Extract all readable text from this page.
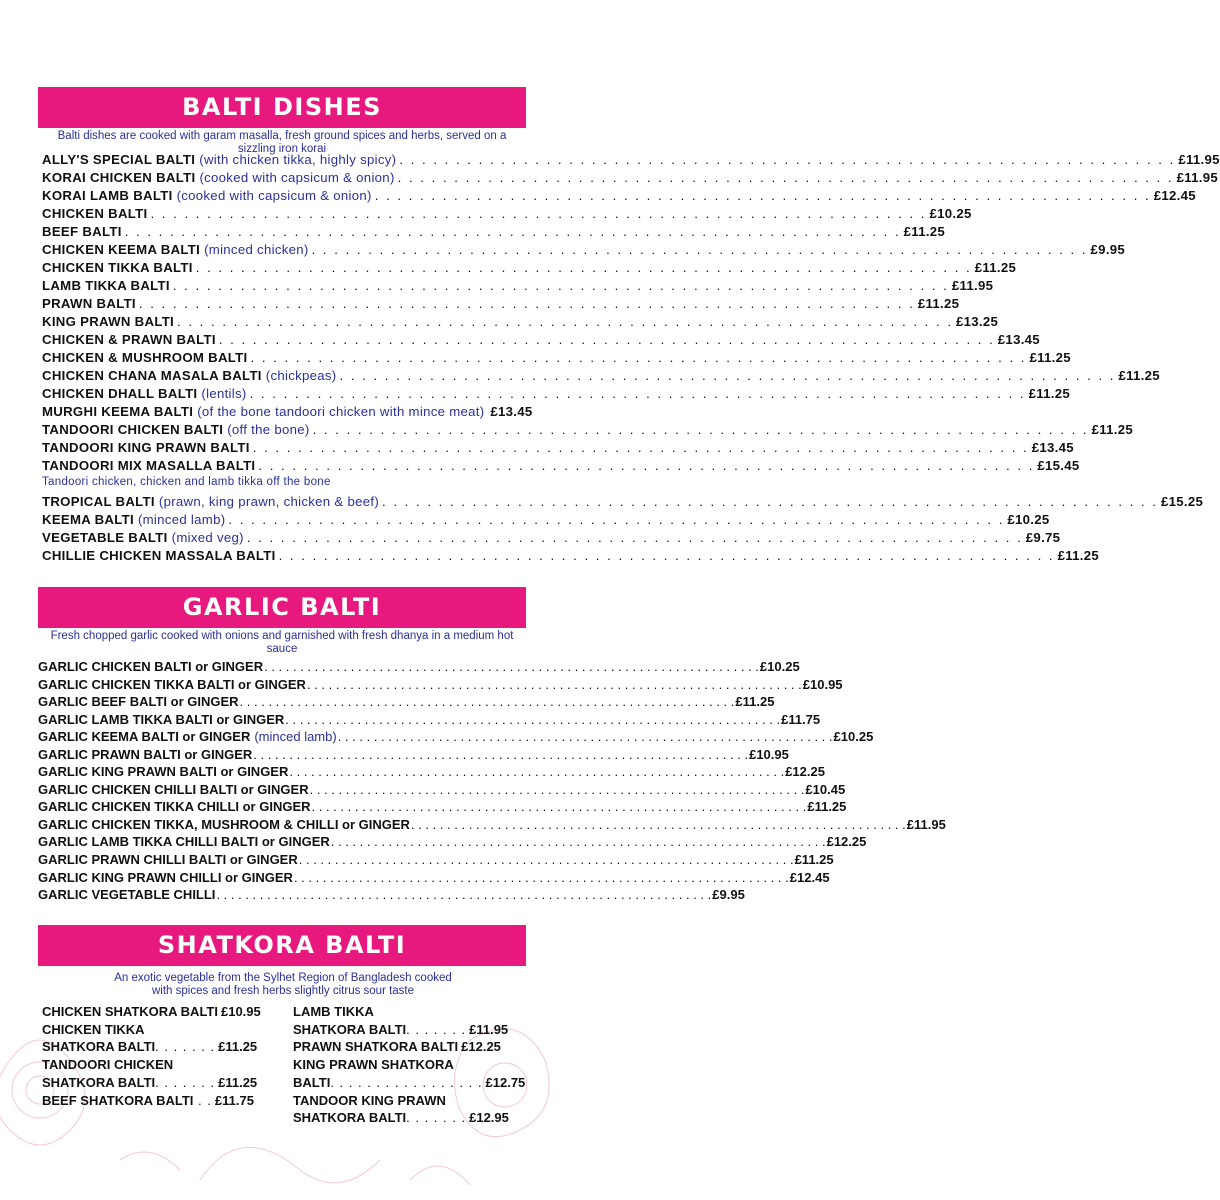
BALTI DISHES
Balti dishes are cooked with garam masalla, fresh ground spices and herbs, served on a sizzling iron korai
ALLY'S SPECIAL BALTI (with chicken tikka, highly spicy) . . . . . . . . . . . . . . . . . . . . . . . . . . . . . . . . . . . . . . . . . . . . . . . . . . . . . . . . . . . . . . . . . . . . . £11.95
KORAI CHICKEN BALTI (cooked with capsicum & onion) . . . . . . . . . . . . . . . . . . . . . . . . . . . . . . . . . . . . . . . . . . . . . . . . . . . . . . . . . . . . . . . . . . . . . £11.95
KORAI LAMB BALTI (cooked with capsicum & onion) . . . . . . . . . . . . . . . . . . . . . . . . . . . . . . . . . . . . . . . . . . . . . . . . . . . . . . . . . . . . . . . . . . . . . £12.45
CHICKEN BALTI . . . . . . . . . . . . . . . . . . . . . . . . . . . . . . . . . . . . . . . . . . . . . . . . . . . . . . . . . . . . . . . . . . . . . £10.25
BEEF BALTI . . . . . . . . . . . . . . . . . . . . . . . . . . . . . . . . . . . . . . . . . . . . . . . . . . . . . . . . . . . . . . . . . . . . . £11.25
CHICKEN KEEMA BALTI (minced chicken) . . . . . . . . . . . . . . . . . . . . . . . . . . . . . . . . . . . . . . . . . . . . . . . . . . . . . . . . . . . . . . . . . . . . . £9.95
CHICKEN TIKKA BALTI . . . . . . . . . . . . . . . . . . . . . . . . . . . . . . . . . . . . . . . . . . . . . . . . . . . . . . . . . . . . . . . . . . . . . £11.25
LAMB TIKKA BALTI . . . . . . . . . . . . . . . . . . . . . . . . . . . . . . . . . . . . . . . . . . . . . . . . . . . . . . . . . . . . . . . . . . . . . £11.95
PRAWN BALTI . . . . . . . . . . . . . . . . . . . . . . . . . . . . . . . . . . . . . . . . . . . . . . . . . . . . . . . . . . . . . . . . . . . . . £11.25
KING PRAWN BALTI . . . . . . . . . . . . . . . . . . . . . . . . . . . . . . . . . . . . . . . . . . . . . . . . . . . . . . . . . . . . . . . . . . . . . £13.25
CHICKEN & PRAWN BALTI . . . . . . . . . . . . . . . . . . . . . . . . . . . . . . . . . . . . . . . . . . . . . . . . . . . . . . . . . . . . . . . . . . . . . £13.45
CHICKEN & MUSHROOM BALTI . . . . . . . . . . . . . . . . . . . . . . . . . . . . . . . . . . . . . . . . . . . . . . . . . . . . . . . . . . . . . . . . . . . . . £11.25
CHICKEN CHANA MASALA BALTI (chickpeas) . . . . . . . . . . . . . . . . . . . . . . . . . . . . . . . . . . . . . . . . . . . . . . . . . . . . . . . . . . . . . . . . . . . . . £11.25
CHICKEN DHALL BALTI (lentils) . . . . . . . . . . . . . . . . . . . . . . . . . . . . . . . . . . . . . . . . . . . . . . . . . . . . . . . . . . . . . . . . . . . . . £11.25
MURGHI KEEMA BALTI (of the bone tandoori chicken with mince meat) £13.45
TANDOORI CHICKEN BALTI (off the bone) . . . . . . . . . . . . . . . . . . . . . . . . . . . . . . . . . . . . . . . . . . . . . . . . . . . . . . . . . . . . . . . . . . . . . £11.25
TANDOORI KING PRAWN BALTI . . . . . . . . . . . . . . . . . . . . . . . . . . . . . . . . . . . . . . . . . . . . . . . . . . . . . . . . . . . . . . . . . . . . . £13.45
TANDOORI MIX MASALLA BALTI . . . . . . . . . . . . . . . . . . . . . . . . . . . . . . . . . . . . . . . . . . . . . . . . . . . . . . . . . . . . . . . . . . . . . £15.45
Tandoori chicken, chicken and lamb tikka off the bone
TROPICAL BALTI (prawn, king prawn, chicken & beef) . . . . . . . . . . . . . . . . . . . . . . . . . . . . . . . . . . . . . . . . . . . . . . . . . . . . . . . . . . . . . . . . . . . . . £15.25
KEEMA BALTI (minced lamb) . . . . . . . . . . . . . . . . . . . . . . . . . . . . . . . . . . . . . . . . . . . . . . . . . . . . . . . . . . . . . . . . . . . . . £10.25
VEGETABLE BALTI (mixed veg) . . . . . . . . . . . . . . . . . . . . . . . . . . . . . . . . . . . . . . . . . . . . . . . . . . . . . . . . . . . . . . . . . . . . . £9.75
CHILLIE CHICKEN MASSALA BALTI . . . . . . . . . . . . . . . . . . . . . . . . . . . . . . . . . . . . . . . . . . . . . . . . . . . . . . . . . . . . . . . . . . . . . £11.25
GARLIC BALTI
Fresh chopped garlic cooked with onions and garnished with fresh dhanya in a medium hot sauce
GARLIC CHICKEN BALTI or GINGER . . . . . . . . . . . . . . . . . . . . . . . . . . . . . . . . . . . . . . . . . . . . . . . . . . . . . . . . . . . . . . . . . . . . . £10.25
GARLIC CHICKEN TIKKA BALTI or GINGER . . . . . . . . . . . . . . . . . . . . . . . . . . . . . . . . . . . . . . . . . . . . . . . . . . . . . . . . . . . . . . . . . . . . . £10.95
GARLIC BEEF BALTI or GINGER . . . . . . . . . . . . . . . . . . . . . . . . . . . . . . . . . . . . . . . . . . . . . . . . . . . . . . . . . . . . . . . . . . . . . £11.25
GARLIC LAMB TIKKA BALTI or GINGER . . . . . . . . . . . . . . . . . . . . . . . . . . . . . . . . . . . . . . . . . . . . . . . . . . . . . . . . . . . . . . . . . . . . . £11.75
GARLIC KEEMA BALTI or GINGER (minced lamb) . . . . . . . . . . . . . . . . . . . . . . . . . . . . . . . . . . . . . . . . . . . . . . . . . . . . . . . . . . . . . . . . . . . . . £10.25
GARLIC PRAWN BALTI or GINGER . . . . . . . . . . . . . . . . . . . . . . . . . . . . . . . . . . . . . . . . . . . . . . . . . . . . . . . . . . . . . . . . . . . . . £10.95
GARLIC KING PRAWN BALTI or GINGER . . . . . . . . . . . . . . . . . . . . . . . . . . . . . . . . . . . . . . . . . . . . . . . . . . . . . . . . . . . . . . . . . . . . . £12.25
GARLIC CHICKEN CHILLI BALTI or GINGER . . . . . . . . . . . . . . . . . . . . . . . . . . . . . . . . . . . . . . . . . . . . . . . . . . . . . . . . . . . . . . . . . . . . . £10.45
GARLIC CHICKEN TIKKA CHILLI or GINGER . . . . . . . . . . . . . . . . . . . . . . . . . . . . . . . . . . . . . . . . . . . . . . . . . . . . . . . . . . . . . . . . . . . . . £11.25
GARLIC CHICKEN TIKKA, MUSHROOM & CHILLI or GINGER . . . . . . . . . . . . . . . . . . . . . . . . . . . . . . . . . . . . . . . . . . . . . . . . . . . . . . . . . . . . . . . . . . . . . £11.95
GARLIC LAMB TIKKA CHILLI BALTI or GINGER . . . . . . . . . . . . . . . . . . . . . . . . . . . . . . . . . . . . . . . . . . . . . . . . . . . . . . . . . . . . . . . . . . . . . £12.25
GARLIC PRAWN CHILLI BALTI or GINGER . . . . . . . . . . . . . . . . . . . . . . . . . . . . . . . . . . . . . . . . . . . . . . . . . . . . . . . . . . . . . . . . . . . . . £11.25
GARLIC KING PRAWN CHILLI or GINGER . . . . . . . . . . . . . . . . . . . . . . . . . . . . . . . . . . . . . . . . . . . . . . . . . . . . . . . . . . . . . . . . . . . . . £12.45
GARLIC VEGETABLE CHILLI . . . . . . . . . . . . . . . . . . . . . . . . . . . . . . . . . . . . . . . . . . . . . . . . . . . . . . . . . . . . . . . . . . . . . £9.95
SHATKORA BALTI
An exotic vegetable from the Sylhet Region of Bangladesh cooked with spices and fresh herbs slightly citrus sour taste
CHICKEN SHATKORA BALTI £10.95
CHICKEN TIKKA
SHATKORA BALTI. . . . . . . £11.25
TANDOORI CHICKEN
SHATKORA BALTI. . . . . . . £11.25
BEEF SHATKORA BALTI . . £11.75
LAMB TIKKA
SHATKORA BALTI. . . . . . . £11.95
PRAWN SHATKORA BALTI £12.25
KING PRAWN SHATKORA
BALTI. . . . . . . . . . . . . . . . . £12.75
TANDOOR KING PRAWN
SHATKORA BALTI. . . . . . . £12.95
